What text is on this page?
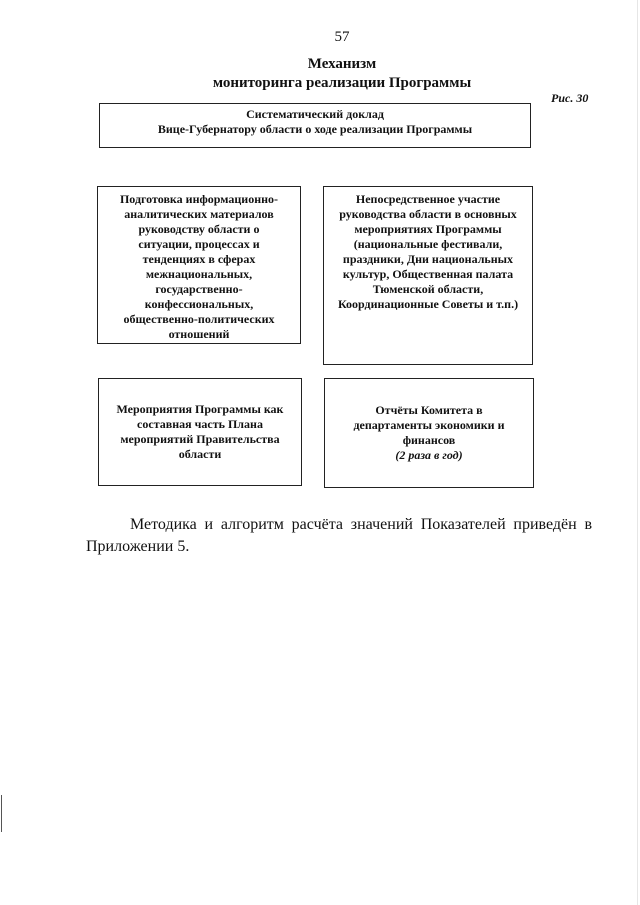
57
Механизм
мониторинга реализации Программы
Рис. 30
Систематический доклад
Вице-Губернатору области о ходе реализации Программы
Подготовка информационно-
аналитических материалов
руководству области о
ситуации, процессах и
тенденциях в сферах
межнациональных,
государственно-
конфессиональных,
общественно-политических
отношений
Непосредственное участие
руководства области в основных
мероприятиях Программы
(национальные фестивали,
праздники, Дни национальных
культур, Общественная палата
Тюменской области,
Координационные Советы и т.п.)
Мероприятия Программы как
составная часть Плана
мероприятий Правительства
области
Отчёты Комитета в
департаменты экономики и
финансов
(2 раза в год)
Методика и алгоритм расчёта значений Показателей приведён в Приложении 5.
